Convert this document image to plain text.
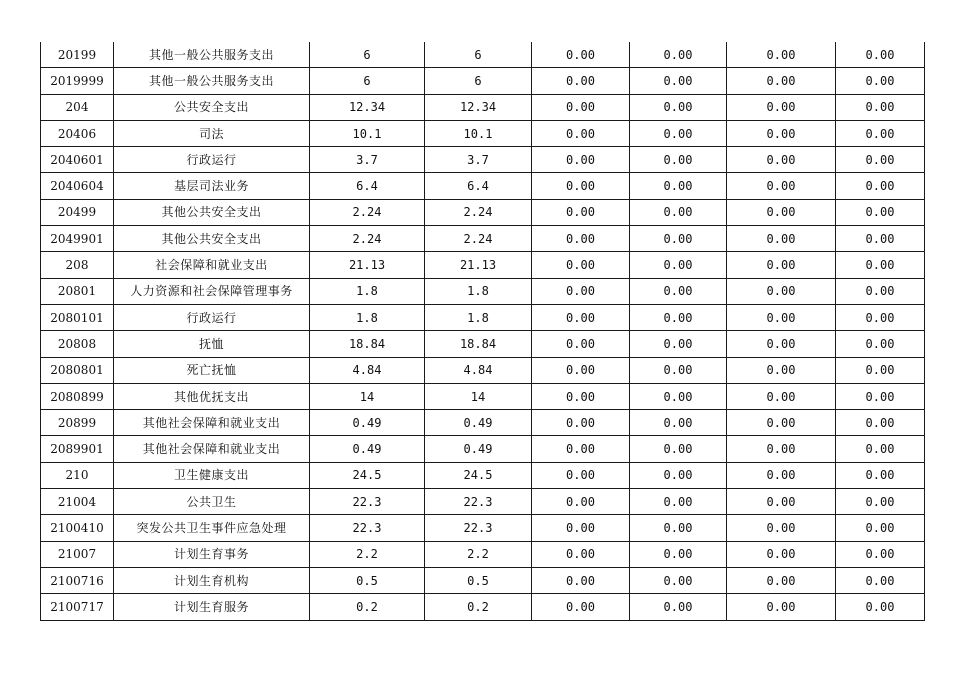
20199	其他一般公共服务支出	6	6	0.00	0.00	0.00	0.00
2019999	其他一般公共服务支出	6	6	0.00	0.00	0.00	0.00
204	公共安全支出	12.34	12.34	0.00	0.00	0.00	0.00
20406	司法	10.1	10.1	0.00	0.00	0.00	0.00
2040601	行政运行	3.7	3.7	0.00	0.00	0.00	0.00
2040604	基层司法业务	6.4	6.4	0.00	0.00	0.00	0.00
20499	其他公共安全支出	2.24	2.24	0.00	0.00	0.00	0.00
2049901	其他公共安全支出	2.24	2.24	0.00	0.00	0.00	0.00
208	社会保障和就业支出	21.13	21.13	0.00	0.00	0.00	0.00
20801	人力资源和社会保障管理事务	1.8	1.8	0.00	0.00	0.00	0.00
2080101	行政运行	1.8	1.8	0.00	0.00	0.00	0.00
20808	抚恤	18.84	18.84	0.00	0.00	0.00	0.00
2080801	死亡抚恤	4.84	4.84	0.00	0.00	0.00	0.00
2080899	其他优抚支出	14	14	0.00	0.00	0.00	0.00
20899	其他社会保障和就业支出	0.49	0.49	0.00	0.00	0.00	0.00
2089901	其他社会保障和就业支出	0.49	0.49	0.00	0.00	0.00	0.00
210	卫生健康支出	24.5	24.5	0.00	0.00	0.00	0.00
21004	公共卫生	22.3	22.3	0.00	0.00	0.00	0.00
2100410	突发公共卫生事件应急处理	22.3	22.3	0.00	0.00	0.00	0.00
21007	计划生育事务	2.2	2.2	0.00	0.00	0.00	0.00
2100716	计划生育机构	0.5	0.5	0.00	0.00	0.00	0.00
2100717	计划生育服务	0.2	0.2	0.00	0.00	0.00	0.00
